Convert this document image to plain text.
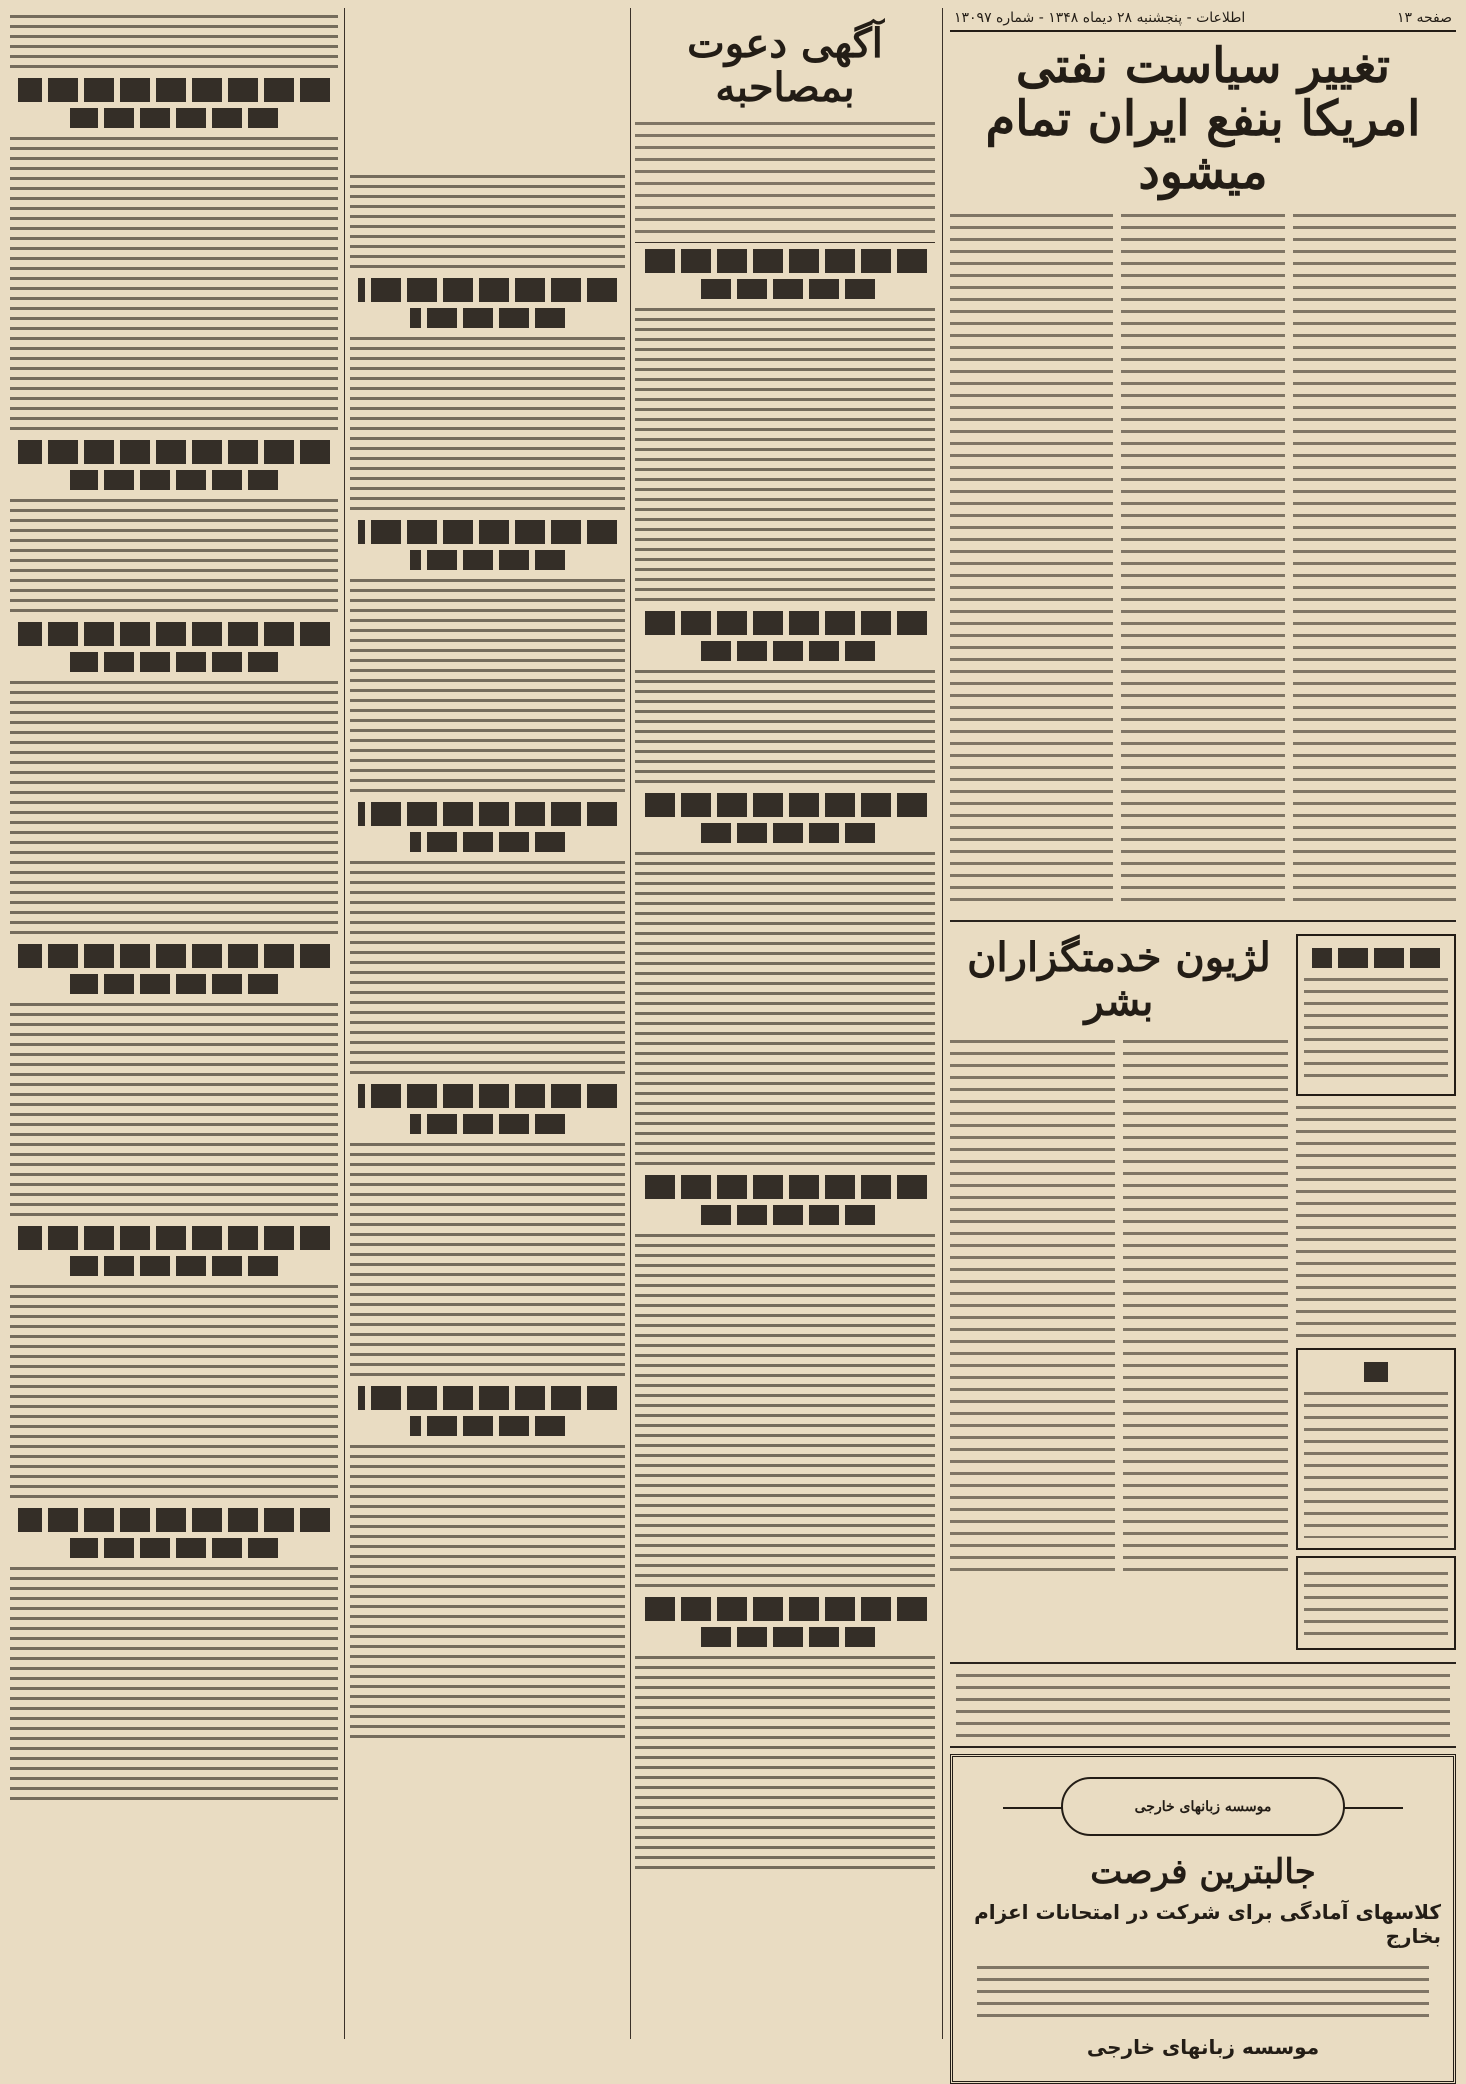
صفحه ۱۳
اطلاعات - پنجشنبه ۲۸ دیماه ۱۳۴۸ - شماره ۱۳۰۹۷
تغییر سیاست نفتی امریکا بنفع ایران تمام میشود
لژیون خدمتگزاران بشر
موسسه زبانهای خارجی
جالبترین فرصت
کلاسهای آمادگی برای شرکت در امتحانات اعزام بخارج
موسسه زبانهای خارجی
آگهی دعوت بمصاحبه
